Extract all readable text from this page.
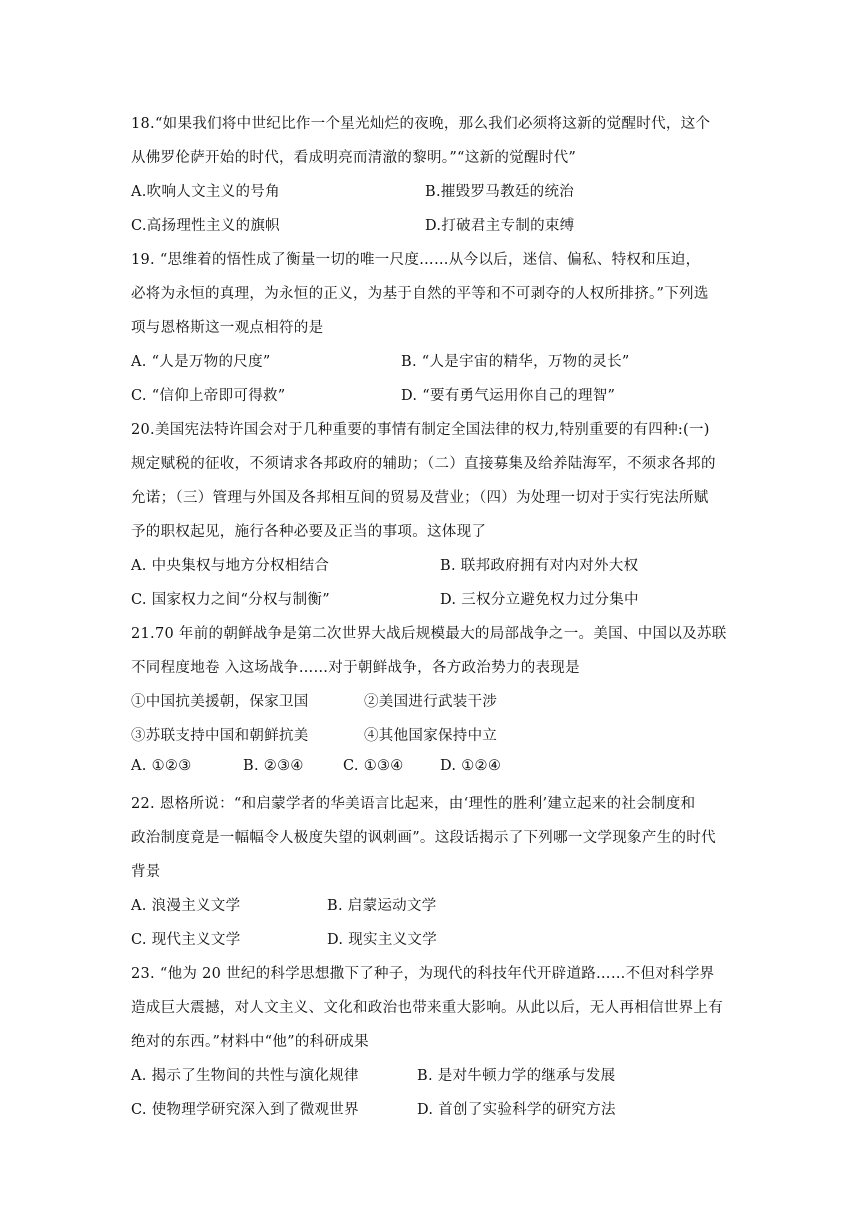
18.“如果我们将中世纪比作一个星光灿烂的夜晚，那么我们必须将这新的觉醒时代，这个
从佛罗伦萨开始的时代，看成明亮而清澈的黎明。”“这新的觉醒时代”
A.吹响人文主义的号角	B.摧毁罗马教廷的统治
C.高扬理性主义的旗帜	D.打破君主专制的束缚
19. “思维着的悟性成了衡量一切的唯一尺度……从今以后，迷信、偏私、特权和压迫，
必将为永恒的真理，为永恒的正义，为基于自然的平等和不可剥夺的人权所排挤。”下列选
项与恩格斯这一观点相符的是
A. “人是万物的尺度”	B. “人是宇宙的精华，万物的灵长”
C. “信仰上帝即可得救”	D. “要有勇气运用你自己的理智”
20.美国宪法特许国会对于几种重要的事情有制定全国法律的权力,特别重要的有四种:(一)
规定赋税的征收，不须请求各邦政府的辅助；（二）直接募集及给养陆海军，不须求各邦的
允诺；（三）管理与外国及各邦相互间的贸易及营业；（四）为处理一切对于实行宪法所赋
予的职权起见，施行各种必要及正当的事项。这体现了
A. 中央集权与地方分权相结合	B. 联邦政府拥有对内对外大权
C. 国家权力之间“分权与制衡”	D. 三权分立避免权力过分集中
21.70 年前的朝鲜战争是第二次世界大战后规模最大的局部战争之一。美国、中国以及苏联
不同程度地卷 入这场战争……对于朝鲜战争，各方政治势力的表现是
①中国抗美援朝，保家卫国	②美国进行武装干涉
③苏联支持中国和朝鲜抗美	④其他国家保持中立
A. ①②③	B. ②③④	C. ①③④	D. ①②④
22. 恩格所说：“和启蒙学者的华美语言比起来，由‘理性的胜利’建立起来的社会制度和
政治制度竟是一幅幅令人极度失望的讽刺画”。这段话揭示了下列哪一文学现象产生的时代
背景
A. 浪漫主义文学	B. 启蒙运动文学
C. 现代主义文学	D. 现实主义文学
23. “他为 20 世纪的科学思想撒下了种子，为现代的科技年代开辟道路……不但对科学界
造成巨大震撼，对人文主义、文化和政治也带来重大影响。从此以后，无人再相信世界上有
绝对的东西。”材料中“他”的科研成果
A. 揭示了生物间的共性与演化规律	B. 是对牛顿力学的继承与发展
C. 使物理学研究深入到了微观世界	D. 首创了实验科学的研究方法
